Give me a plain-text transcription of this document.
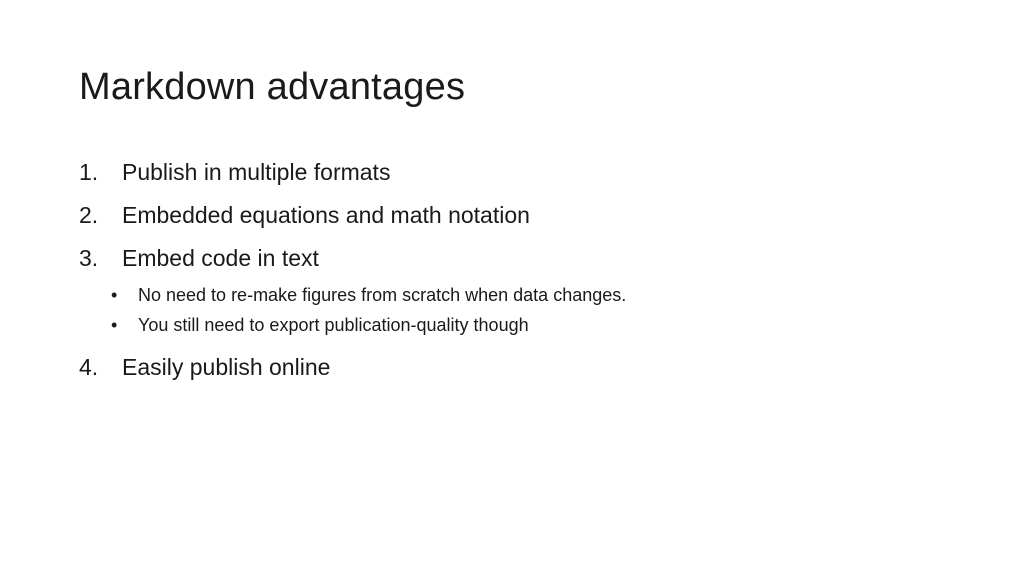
Markdown advantages
1. Publish in multiple formats
2. Embedded equations and math notation
3. Embed code in text
• No need to re-make figures from scratch when data changes.
• You still need to export publication-quality though
4. Easily publish online
